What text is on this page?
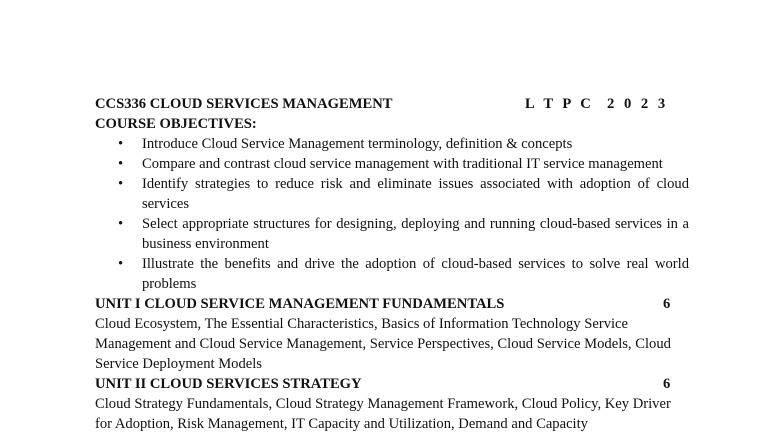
CCS336 CLOUD SERVICES MANAGEMENT	L T P C 2 0 2 3
COURSE OBJECTIVES:
• Introduce Cloud Service Management terminology, definition & concepts
• Compare and contrast cloud service management with traditional IT service management
• Identify strategies to reduce risk and eliminate issues associated with adoption of cloud services
• Select appropriate structures for designing, deploying and running cloud-based services in a business environment
• Illustrate the benefits and drive the adoption of cloud-based services to solve real world problems
UNIT I CLOUD SERVICE MANAGEMENT FUNDAMENTALS	6
Cloud Ecosystem, The Essential Characteristics, Basics of Information Technology Service Management and Cloud Service Management, Service Perspectives, Cloud Service Models, Cloud Service Deployment Models
UNIT II CLOUD SERVICES STRATEGY	6
Cloud Strategy Fundamentals, Cloud Strategy Management Framework, Cloud Policy, Key Driver for Adoption, Risk Management, IT Capacity and Utilization, Demand and Capacity
